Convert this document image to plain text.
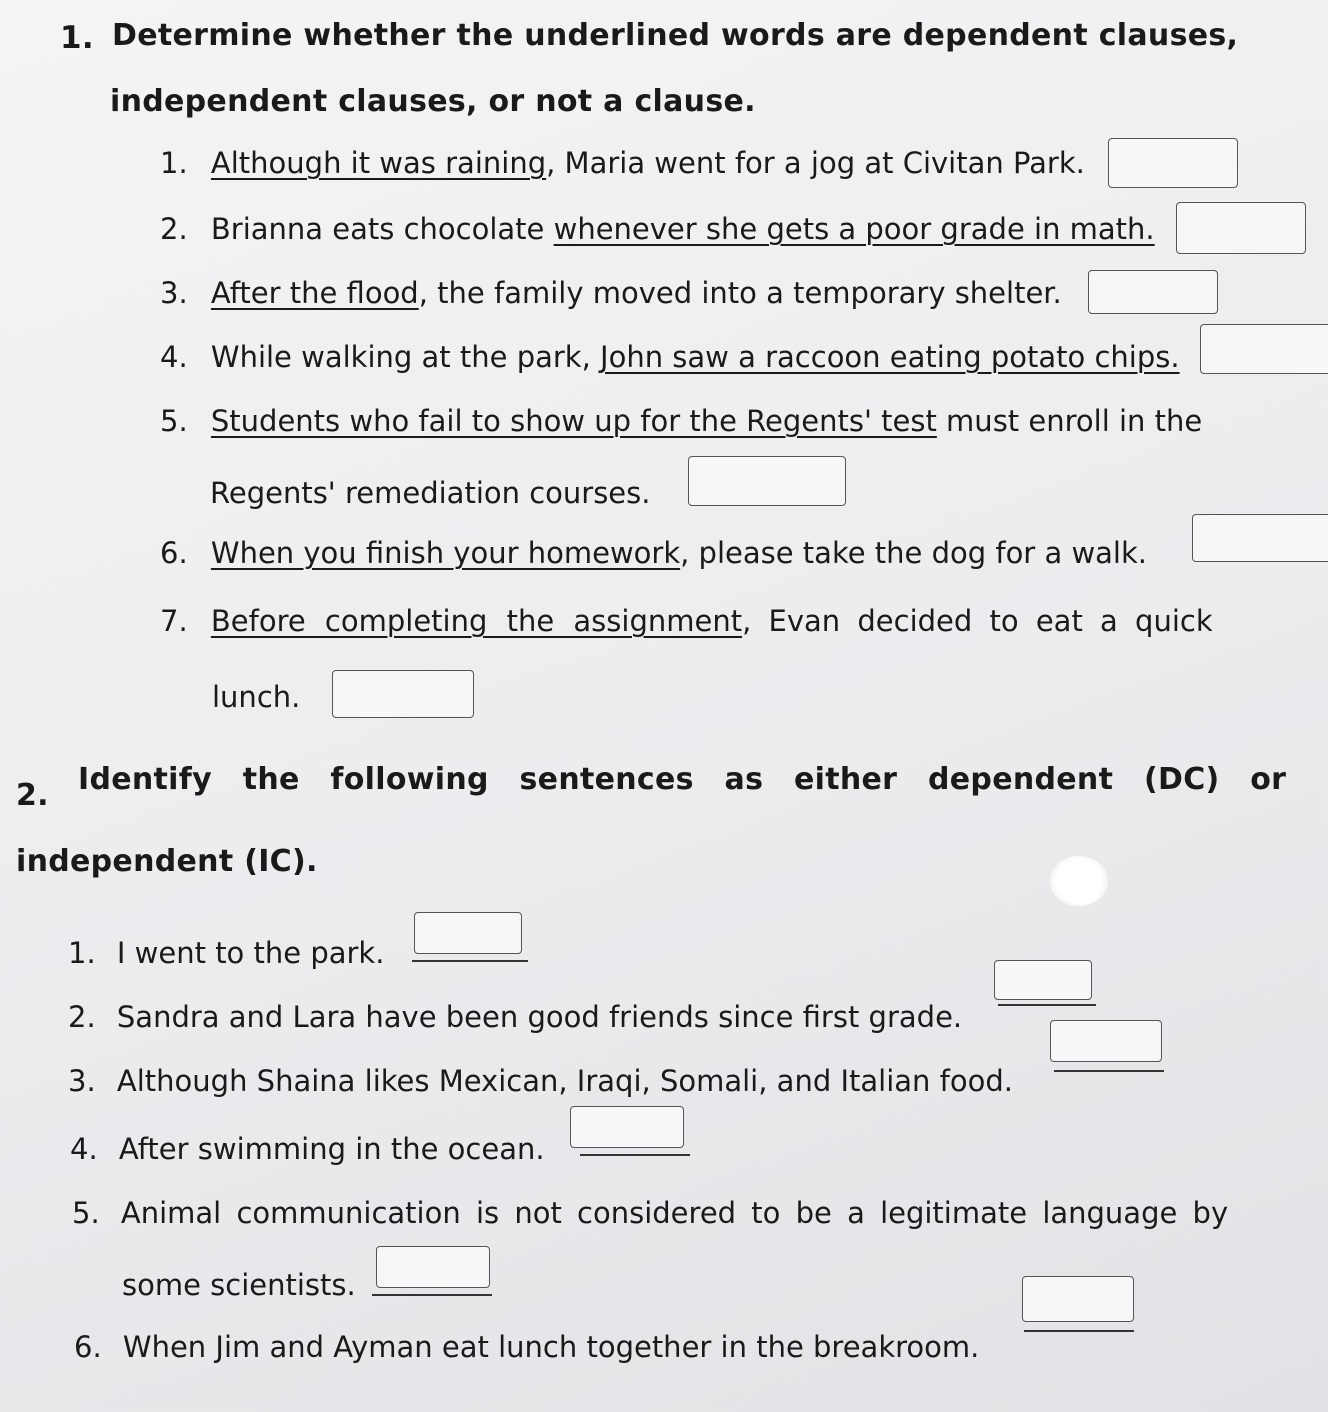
1. Determine whether the underlined words are dependent clauses,
independent clauses, or not a clause.
1. Although it was raining, Maria went for a jog at Civitan Park.
2. Brianna eats chocolate whenever she gets a poor grade in math.
3. After the flood, the family moved into a temporary shelter.
4. While walking at the park, John saw a raccoon eating potato chips.
5. Students who fail to show up for the Regents' test must enroll in the
Regents' remediation courses.
6. When you finish your homework, please take the dog for a walk.
7. Before completing the assignment, Evan decided to eat a quick
lunch.
2. Identify the following sentences as either dependent (DC) or
independent (IC).
1. I went to the park.
2. Sandra and Lara have been good friends since first grade.
3. Although Shaina likes Mexican, Iraqi, Somali, and Italian food.
4. After swimming in the ocean.
5. Animal communication is not considered to be a legitimate language by
some scientists.
6. When Jim and Ayman eat lunch together in the breakroom.
